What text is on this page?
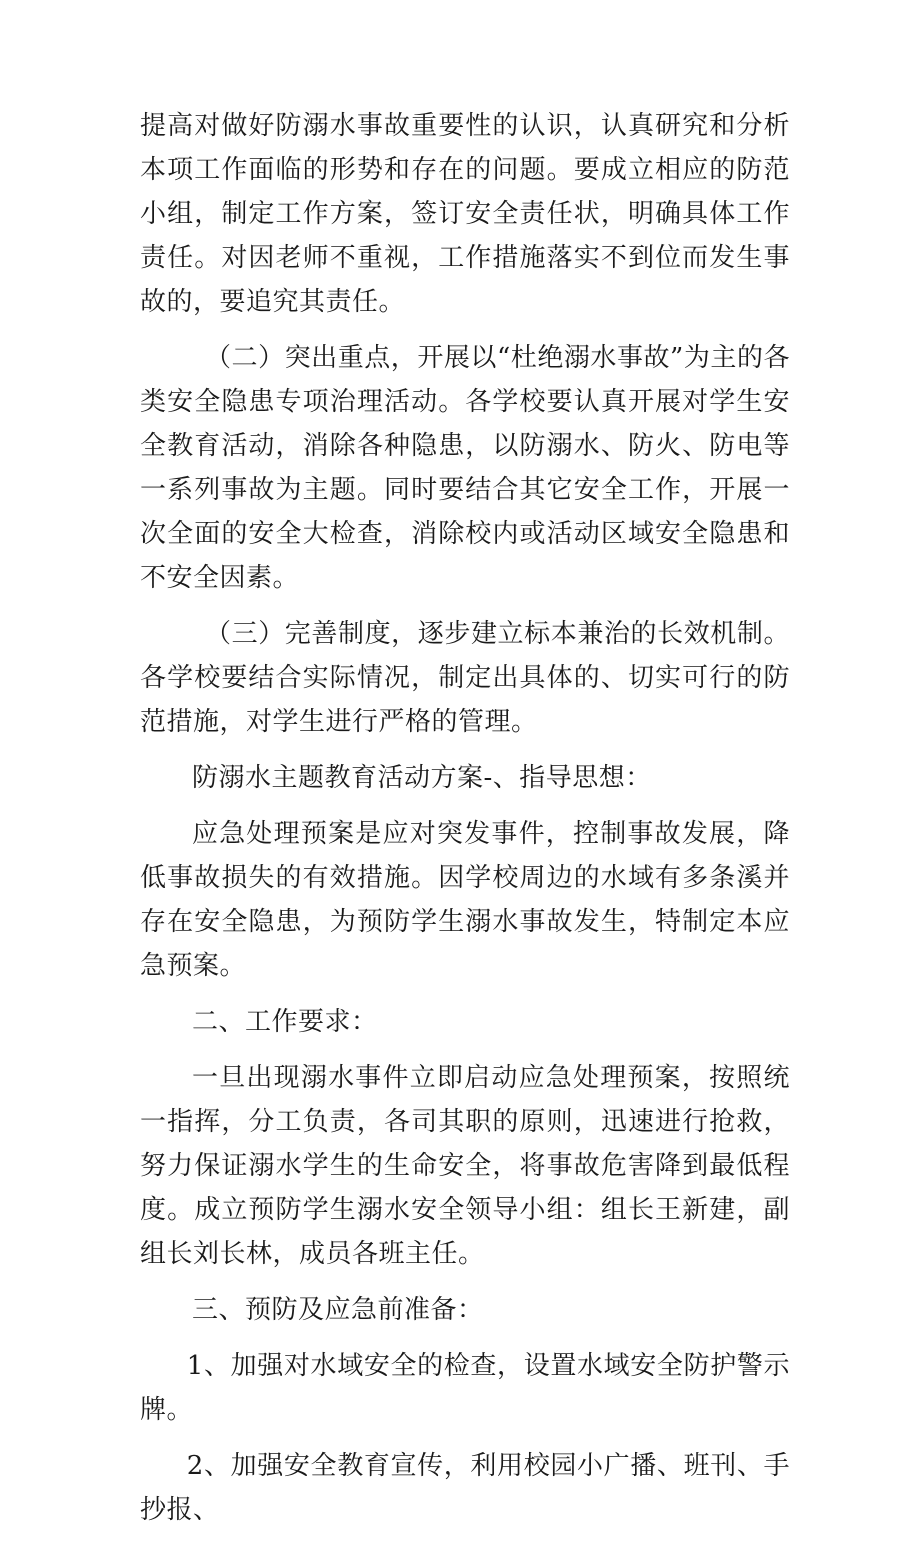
提高对做好防溺水事故重要性的认识，认真研究和分析本项工作面临的形势和存在的问题。要成立相应的防范小组，制定工作方案，签订安全责任状，明确具体工作责任。对因老师不重视，工作措施落实不到位而发生事故的，要追究其责任。

（二）突出重点，开展以“杜绝溺水事故”为主的各类安全隐患专项治理活动。各学校要认真开展对学生安全教育活动，消除各种隐患，以防溺水、防火、防电等一系列事故为主题。同时要结合其它安全工作，开展一次全面的安全大检查，消除校内或活动区域安全隐患和不安全因素。

（三）完善制度，逐步建立标本兼治的长效机制。各学校要结合实际情况，制定出具体的、切实可行的防范措施，对学生进行严格的管理。

防溺水主题教育活动方案-、指导思想：

应急处理预案是应对突发事件，控制事故发展，降低事故损失的有效措施。因学校周边的水域有多条溪并存在安全隐患，为预防学生溺水事故发生，特制定本应急预案。

二、工作要求：

一旦出现溺水事件立即启动应急处理预案，按照统一指挥，分工负责，各司其职的原则，迅速进行抢救，努力保证溺水学生的生命安全，将事故危害降到最低程度。成立预防学生溺水安全领导小组：组长王新建，副组长刘长林，成员各班主任。

三、预防及应急前准备：

1、加强对水域安全的检查，设置水域安全防护警示牌。

2、加强安全教育宣传，利用校园小广播、班刊、手抄报、
